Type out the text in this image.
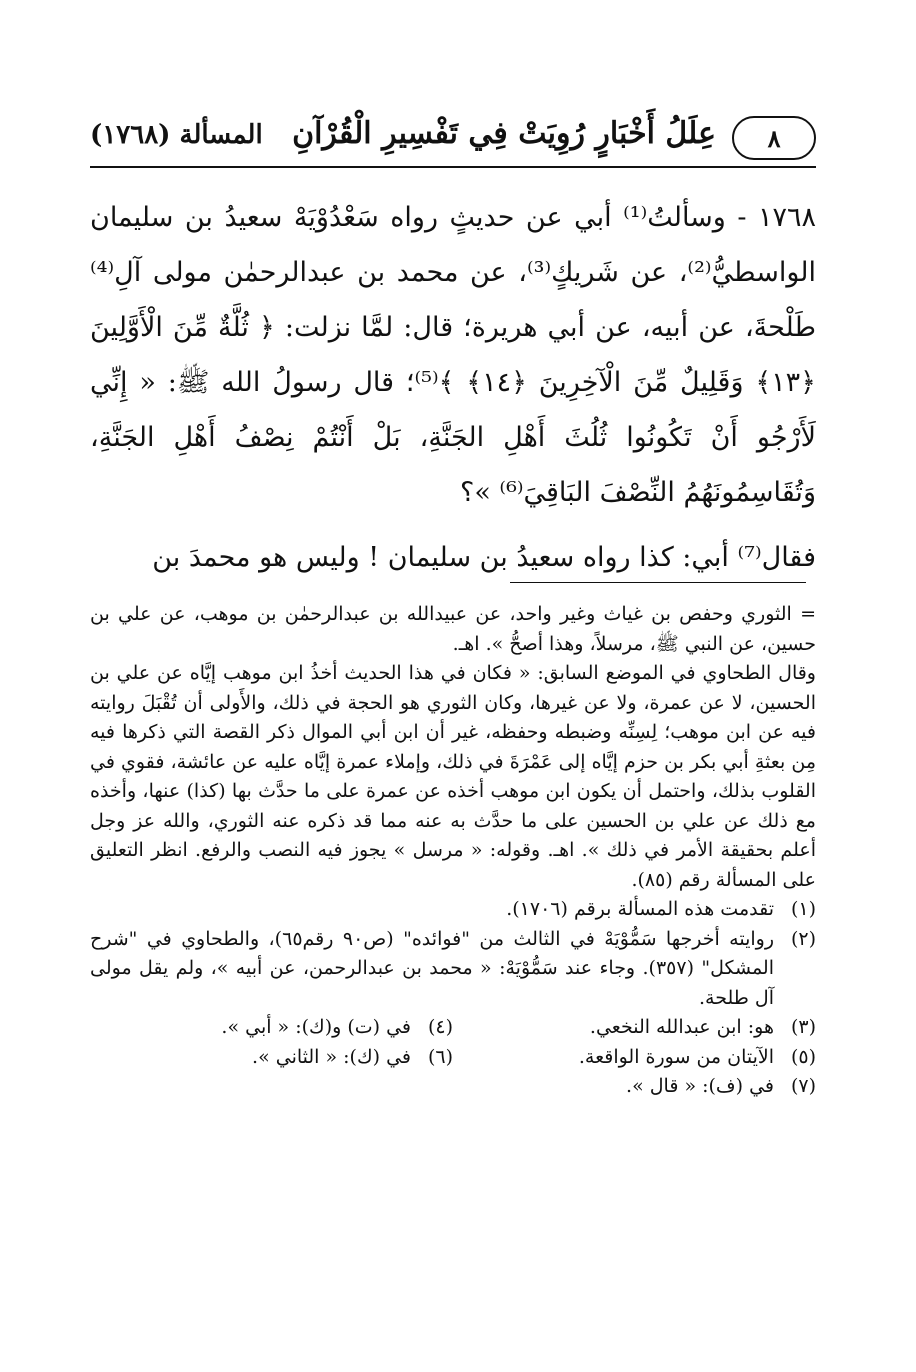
٨
عِلَلُ أَخْبَارٍ رُوِيَتْ فِي تَفْسِيرِ الْقُرْآنِ
المسألة (١٧٦٨)

١٧٦٨ - وسألتُ⁽¹⁾ أبي عن حديثٍ رواه سَعْدُوْيَهْ سعيدُ بن سليمان الواسطيُّ⁽²⁾، عن شَريكٍ⁽³⁾، عن محمد بن عبدالرحمٰن مولى آلِ⁽⁴⁾ طَلْحةَ، عن أبيه، عن أبي هريرة؛ قال: لمَّا نزلت: ﴿ ثُلَّةٌ مِّنَ الْأَوَّلِينَ ﴿١٣﴾ وَقَلِيلٌ مِّنَ الْآخِرِينَ ﴿١٤﴾ ﴾⁽⁵⁾؛ قال رسولُ الله ﷺ: « إِنِّي لَأَرْجُو أَنْ تَكُونُوا ثُلُثَ أَهْلِ الجَنَّةِ، بَلْ أَنْتُمْ نِصْفُ أَهْلِ الجَنَّةِ، وَتُقَاسِمُونَهُمُ النِّصْفَ البَاقِيَ⁽⁶⁾ »؟

فقال⁽⁷⁾ أبي: كذا رواه سعيدُ بن سليمان ! وليس هو محمدَ بن

= الثوري وحفص بن غياث وغير واحد، عن عبيدالله بن عبدالرحمٰن بن موهب، عن علي بن حسين، عن النبي ﷺ، مرسلاً، وهذا أصحُّ ». اهـ.

وقال الطحاوي في الموضع السابق: « فكان في هذا الحديث أخذُ ابن موهب إيَّاه عن علي بن الحسين، لا عن عمرة، ولا عن غيرها، وكان الثوري هو الحجة في ذلك، والأَولى أن تُقْبَلَ روايته فيه عن ابن موهب؛ لِسِنِّه وضبطه وحفظه، غير أن ابن أبي الموال ذكر القصة التي ذكرها فيه مِن بعثةِ أبي بكر بن حزم إيَّاه إلى عَمْرَةَ في ذلك، وإملاء عمرة إيَّاه عليه عن عائشة، فقوي في القلوب بذلك، واحتمل أن يكون ابن موهب أخذه عن عمرة على ما حدَّث بها (كذا) عنها، وأخذه مع ذلك عن علي بن الحسين على ما حدَّث به عنه مما قد ذكره عنه الثوري، والله عز وجل أعلم بحقيقة الأمر في ذلك ». اهـ. وقوله: « مرسل » يجوز فيه النصب والرفع. انظر التعليق على المسألة رقم (٨٥).

(١)
تقدمت هذه المسألة برقم (١٧٠٦).
(٢)
روايته أخرجها سَمُّوْيَهْ في الثالث من "فوائده" (ص٩٠ رقم٦٥)، والطحاوي في "شرح المشكل" (٣٥٧). وجاء عند سَمُّوْيَهْ: « محمد بن عبدالرحمن، عن أبيه »، ولم يقل مولى آل طلحة.
(٣)
هو: ابن عبدالله النخعي.
(٤)
في (ت) و(ك): « أبي ».
(٥)
الآيتان من سورة الواقعة.
(٦)
في (ك): « الثاني ».
(٧)
في (ف): « قال ».
